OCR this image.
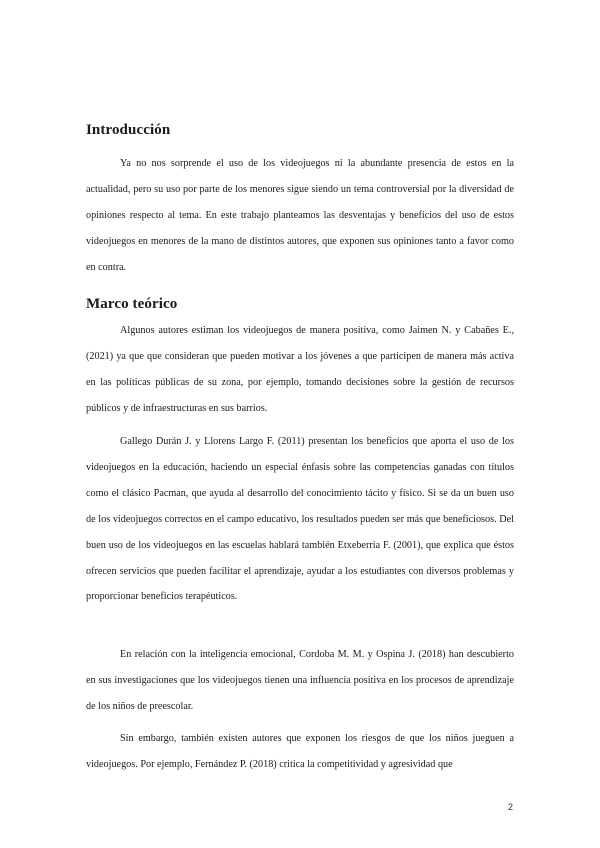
Introducción

Ya no nos sorprende el uso de los videojuegos ni la abundante presencia de estos en la actualidad, pero su uso por parte de los menores sigue siendo un tema controversial por la diversidad de opiniones respecto al tema. En este trabajo planteamos las desventajas y beneficios del uso de estos videojuegos en menores de la mano de distintos autores, que exponen sus opiniones tanto a favor como en contra.

Marco teórico

Algunos autores estiman los videojuegos de manera positiva, como Jaimen N. y Cabañes E., (2021) ya que que consideran que pueden motivar a los jóvenes a que participen de manera más activa en las políticas públicas de su zona, por ejemplo, tomando decisiones sobre la gestión de recursos públicos y de infraestructuras en sus barrios.

Gallego Durán J. y Llorens Largo F. (2011) presentan los beneficios que aporta el uso de los videojuegos en la educación, haciendo un especial énfasis sobre las competencias ganadas con títulos como el clásico Pacman, que ayuda al desarrollo del conocimiento tácito y físico. Si se da un buen uso de los videojuegos correctos en el campo educativo, los resultados pueden ser más que beneficiosos. Del buen uso de los videojuegos en las escuelas hablará también Etxeberria F. (2001), que explica que éstos ofrecen servicios que pueden facilitar el aprendizaje, ayudar a los estudiantes con diversos problemas y proporcionar beneficios terapéuticos.

En relación con la inteligencia emocional, Cordoba M. M. y Ospina J. (2018) han descubierto en sus investigaciones que los videojuegos tienen una influencia positiva en los procesos de aprendizaje de los niños de preescolar.

Sin embargo, también existen autores que exponen los riesgos de que los niños jueguen a videojuegos. Por ejemplo, Fernández P. (2018) critica la competitividad y agresividad que

2
